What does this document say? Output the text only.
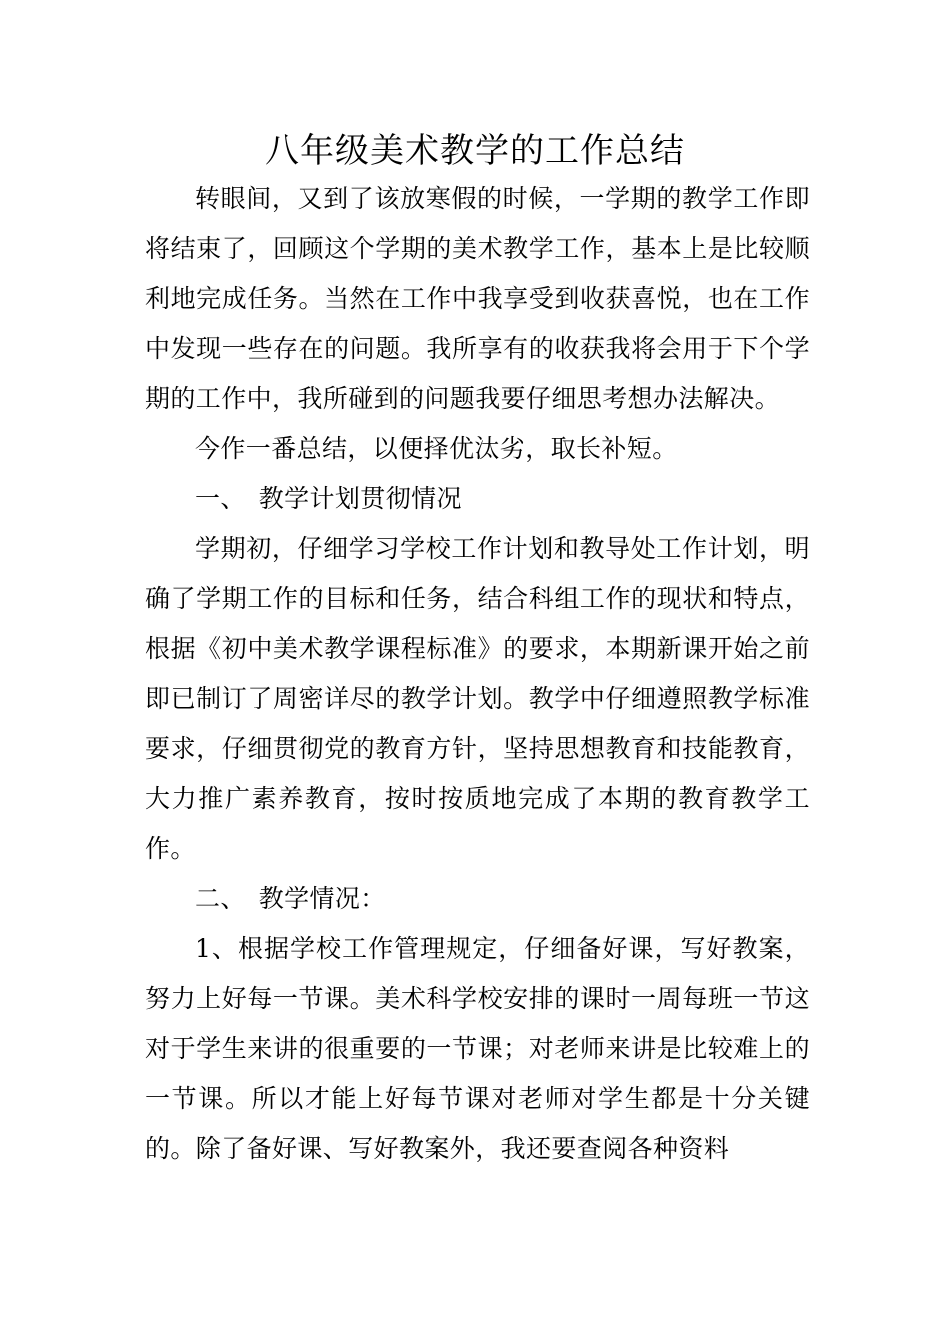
八年级美术教学的工作总结

转眼间，又到了该放寒假的时候，一学期的教学工作即将结束了，回顾这个学期的美术教学工作，基本上是比较顺利地完成任务。当然在工作中我享受到收获喜悦，也在工作中发现一些存在的问题。我所享有的收获我将会用于下个学期的工作中，我所碰到的问题我要仔细思考想办法解决。

今作一番总结，以便择优汰劣，取长补短。

一、　教学计划贯彻情况

学期初，仔细学习学校工作计划和教导处工作计划，明确了学期工作的目标和任务，结合科组工作的现状和特点，根据《初中美术教学课程标准》的要求，本期新课开始之前即已制订了周密详尽的教学计划。教学中仔细遵照教学标准要求，仔细贯彻党的教育方针，坚持思想教育和技能教育，大力推广素养教育，按时按质地完成了本期的教育教学工作。

二、　教学情况：

1、根据学校工作管理规定，仔细备好课，写好教案，努力上好每一节课。美术科学校安排的课时一周每班一节这对于学生来讲的很重要的一节课；对老师来讲是比较难上的一节课。所以才能上好每节课对老师对学生都是十分关键的。除了备好课、写好教案外，我还要查阅各种资料
